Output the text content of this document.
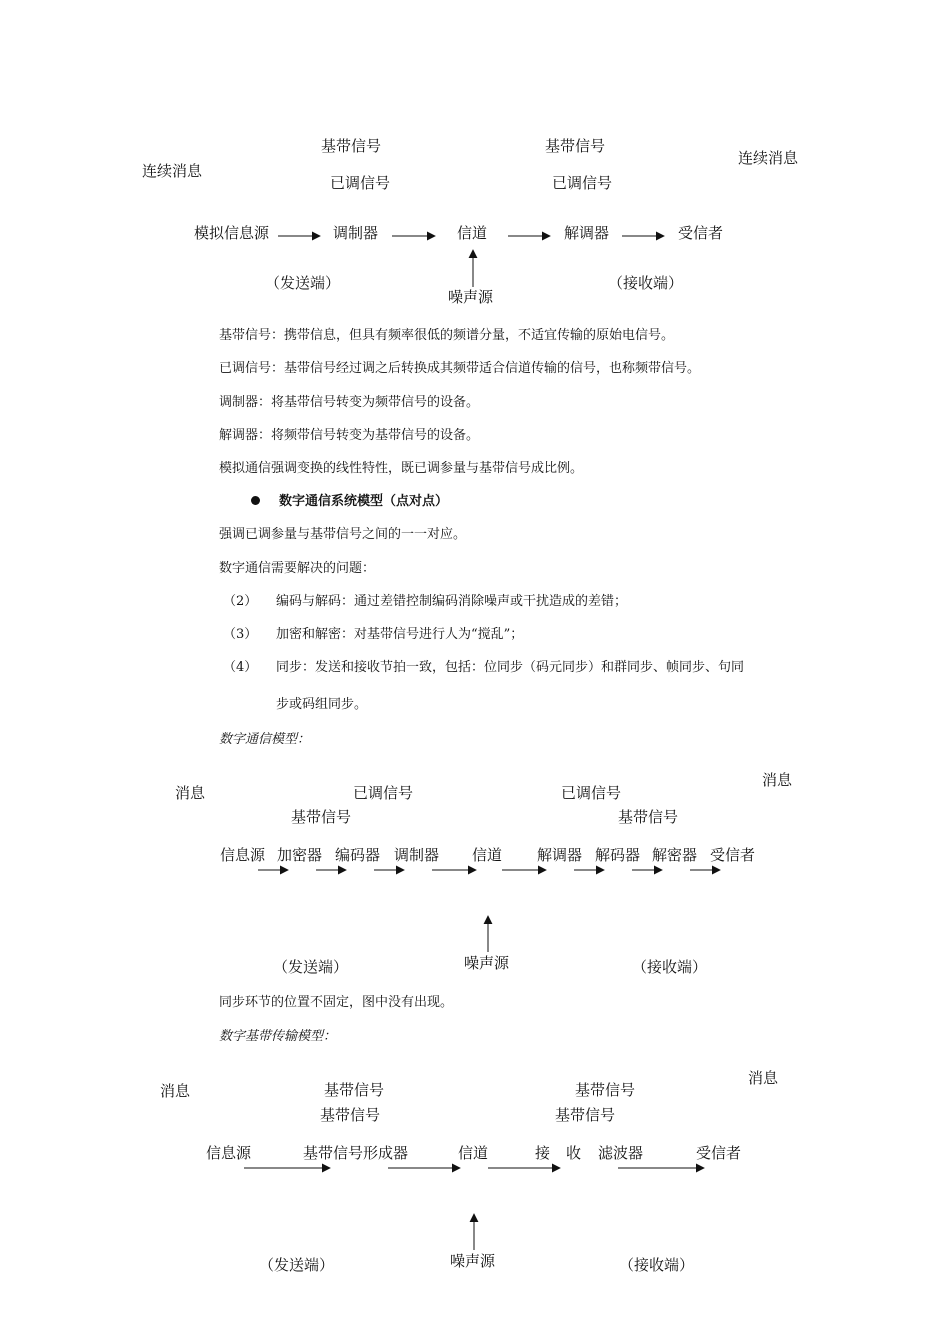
连续消息
连续消息
基带信号
已调信号
基带信号
已调信号
模拟信息源	调制器	信道	解调器	受信者
（发送端）
噪声源
（接收端）
基带信号：携带信息，但具有频率很低的频谱分量，不适宜传输的原始电信号。
已调信号：基带信号经过调之后转换成其频带适合信道传输的信号，也称频带信号。
调制器：将基带信号转变为频带信号的设备。
解调器：将频带信号转变为基带信号的设备。
模拟通信强调变换的线性特性，既已调参量与基带信号成比例。
数字通信系统模型（点对点）
强调已调参量与基带信号之间的一一对应。
数字通信需要解决的问题：
（2） 编码与解码：通过差错控制编码消除噪声或干扰造成的差错；
（3） 加密和解密：对基带信号进行人为“搅乱”；
（4） 同步：发送和接收节拍一致，包括：位同步（码元同步）和群同步、帧同步、句同
步或码组同步。
数字通信模型：
消息
消息
已调信号
基带信号
已调信号
基带信号
信息源 加密器 编码器 调制器 信道 解调器 解码器 解密器 受信者
噪声源
（发送端）	（接收端）
同步环节的位置不固定，图中没有出现。
数字基带传输模型：
消息
消息
基带信号
基带信号
基带信号
基带信号
信息源	基带信号形成器	信道	接 收 滤波器	受信者
噪声源
（发送端）	（接收端）
